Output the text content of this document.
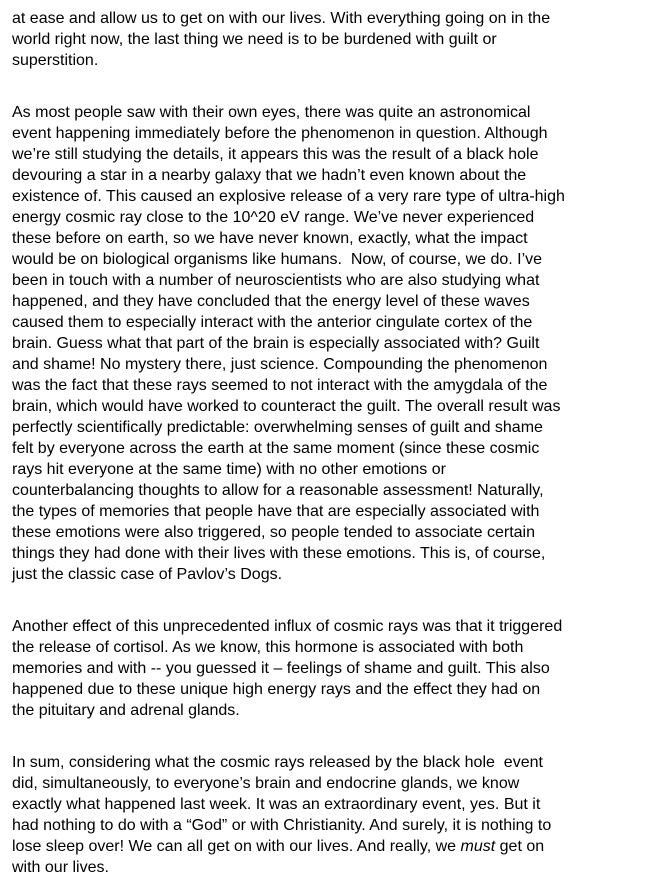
at ease and allow us to get on with our lives. With everything going on in the
world right now, the last thing we need is to be burdened with guilt or
superstition.
As most people saw with their own eyes, there was quite an astronomical
event happening immediately before the phenomenon in question. Although
we’re still studying the details, it appears this was the result of a black hole
devouring a star in a nearby galaxy that we hadn’t even known about the
existence of. This caused an explosive release of a very rare type of ultra-high
energy cosmic ray close to the 10^20 eV range. We’ve never experienced
these before on earth, so we have never known, exactly, what the impact
would be on biological organisms like humans.  Now, of course, we do. I’ve
been in touch with a number of neuroscientists who are also studying what
happened, and they have concluded that the energy level of these waves
caused them to especially interact with the anterior cingulate cortex of the
brain. Guess what that part of the brain is especially associated with? Guilt
and shame! No mystery there, just science. Compounding the phenomenon
was the fact that these rays seemed to not interact with the amygdala of the
brain, which would have worked to counteract the guilt. The overall result was
perfectly scientifically predictable: overwhelming senses of guilt and shame
felt by everyone across the earth at the same moment (since these cosmic
rays hit everyone at the same time) with no other emotions or
counterbalancing thoughts to allow for a reasonable assessment! Naturally,
the types of memories that people have that are especially associated with
these emotions were also triggered, so people tended to associate certain
things they had done with their lives with these emotions. This is, of course,
just the classic case of Pavlov’s Dogs.
Another effect of this unprecedented influx of cosmic rays was that it triggered
the release of cortisol. As we know, this hormone is associated with both
memories and with -- you guessed it – feelings of shame and guilt. This also
happened due to these unique high energy rays and the effect they had on
the pituitary and adrenal glands.
In sum, considering what the cosmic rays released by the black hole  event
did, simultaneously, to everyone’s brain and endocrine glands, we know
exactly what happened last week. It was an extraordinary event, yes. But it
had nothing to do with a “God” or with Christianity. And surely, it is nothing to
lose sleep over! We can all get on with our lives. And really, we must get on
with our lives.
